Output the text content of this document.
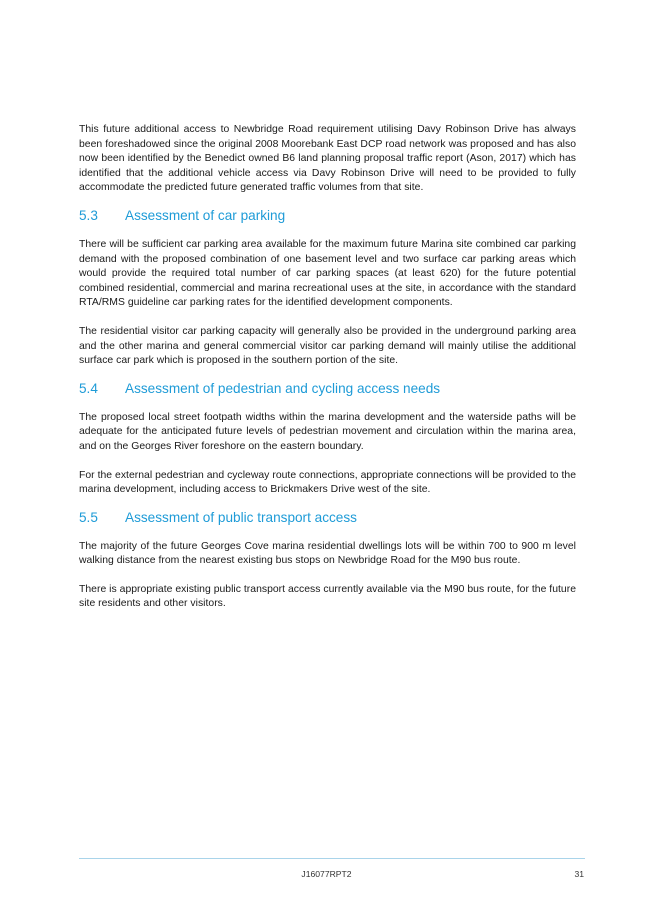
This future additional access to Newbridge Road requirement utilising Davy Robinson Drive has always been foreshadowed since the original 2008 Moorebank East DCP road network was proposed and has also now been identified by the Benedict owned B6 land planning proposal traffic report (Ason, 2017) which has identified that the additional vehicle access via Davy Robinson Drive will need to be provided to fully accommodate the predicted future generated traffic volumes from that site.

5.3	Assessment of car parking

There will be sufficient car parking area available for the maximum future Marina site combined car parking demand with the proposed combination of one basement level and two surface car parking areas which would provide the required total number of car parking spaces (at least 620) for the future potential combined residential, commercial and marina recreational uses at the site, in accordance with the standard RTA/RMS guideline car parking rates for the identified development components.

The residential visitor car parking capacity will generally also be provided in the underground parking area and the other marina and general commercial visitor car parking demand will mainly utilise the additional surface car park which is proposed in the southern portion of the site.

5.4	Assessment of pedestrian and cycling access needs

The proposed local street footpath widths within the marina development and the waterside paths will be adequate for the anticipated future levels of pedestrian movement and circulation within the marina area, and on the Georges River foreshore on the eastern boundary.

For the external pedestrian and cycleway route connections, appropriate connections will be provided to the marina development, including access to Brickmakers Drive west of the site.

5.5	Assessment of public transport access

The majority of the future Georges Cove marina residential dwellings lots will be within 700 to 900 m level walking distance from the nearest existing bus stops on Newbridge Road for the M90 bus route.

There is appropriate existing public transport access currently available via the M90 bus route, for the future site residents and other visitors.

J16077RPT2	31
